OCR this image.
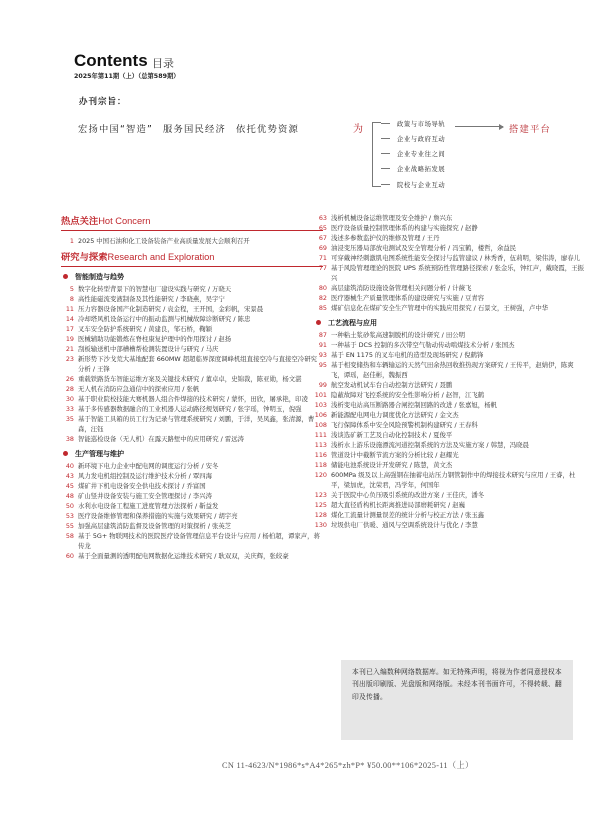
Contents 目录
2025年第11期（上）（总第589期）
办刊宗旨：
宏扬中国“智造” 服务国民经济 依托优势资源	为	搭建平台
政策与市场导轨
企业与政府互动
企业专业往之间
企业战略拓发展
院校与企业互动
热点关注Hot Concern
1 2025 中国石油和化工设备装备产业高质量发展大会顺利召开
研究与探索Research and Exploration
智能制造与趋势
5 数字化转型背景下的智慧电厂建设实践与研究 / 万晓天
8 高性能磁流变液制备及其性能研究 / 李晓燕，吴宇宁
11 压力容器设备国产化制造研究 / 袁金程，王开国，金彩帆，宋景晨
14 冷却塔风机设备运行中的振动监测与机械故障诊断研究 / 陈忠
17 叉车安全防护系统研究 / 黄建良，邹石桥，鞠颖
19 医械辅助功能锻炼在脊柱康复护理中的作用探讨 / 赵扬
21 刮板输送机中部槽槽帮检测装置设计与研究 / 马庆
23 新形势下沙戈荒大基地配套 660MW 超超临界深度调峰机组直接空冷与直接空冷研究分析 / 王锋
26 重载铁路货车智能运维方案及关键技术研究 / 董卓卓，史锦裁，陈亚勋，杨文湛
28 无人机在消防应急通信中的探索应用 / 张帆
30 基于职业院校技能大赛机器人组合件焊接的技术研究 / 蒙怀，田欣，屠承艳，印凌
33 基于多传感器数据融合的工业机器人运动路径规划研究 / 张宇瑶，钟明玉，倪强
35 基于智能工具箱的员工行为记录与管理系统研究 / 刘鹏，于洋，吴凤鑫，张清源，曹森，汪钰
38 智能巡检设备（无人机）在露天路堑中的应用研究 / 雷远涛
生产管理与维护
40 新环境下电力企业中配电网的调度运行分析 / 安冬
43 风力发电机组控制及运行维护技术分析 / 覃四海
45 煤矿井下机电设备安全供电技术探讨 / 乔富国
48 矿山竖井设备安装与施工安全管理探讨 / 李兴涛
50 水利水电设备工程施工进度管理方法探析 / 靳益发
53 医疗设备维修管理和保养措施的实施与效果研究 / 胡宇亮
55 加强高层建筑消防监督及设备管理的对策探析 / 张英芝
58 基于 5G+ 物联网技术的医院医疗设备管理信息平台设计与应用 / 杨柏超，谭家声，蒋传龙
60 基于全面量测的透明配电网数据化运维技术研究 / 耿双双，关庆辉，张皎豪
63 浅析机械设备运维管理及安全维护 / 詹兴东
65 医疗设备质量控制管理体系的构建与实施探究 / 赵静
67 浅述多参数监护仪的维修及管理 / 王丹
69 油浸变压器局部放电测试及安全管理分析 / 冯宝鹤，楼哲，余益民
71 可穿戴神经刺激肌电图系统性能安全探讨与监管建议 / 林秀香，伍莉明，梁伟涛，廖春儿
77 基于风险管理理论的医院 UPS 系统预防性管理路径探索 / 张金乐，钟红声，戴晓霞，王振兴
80 高层建筑消防设施设备管理相关问题分析 / 计薇飞
82 医疗器械生产质量管理体系的建设研究与实施 / 豆青容
85 煤矿信息化在煤矿安全生产管理中的实践应用探究 / 石景文，王树强，卢中华
工艺流程与应用
87 一种粘土浆砂浆高速制脱机的设计研究 / 田公明
91 一种基于 DCS 控制的多次带空气勒动传动啮煤技术分析 / 张国杰
93 基于 EN 1175 的叉车电机的造型及现场研究 / 倪鹤锋
95 基于相变储热和车辆输运的天然气田余热回收推热现方案研究 / 王传平，赵婧伊，陈爽飞，谭瑶，赵佳彬，魏振西
99 航空发动机试车台自动控制方法研究 / 聂鹏
101 隐蔽故障对飞控系统的安全性影响分析 / 赵智，江飞鹤
103 浅析变电站高压断路器合闸控制回路的改进 / 张嘉旭，杨帆
106 新能源配电网电力调度优化方法研究 / 金文杰
108 飞行保障体系中安全风险预警机制构建研究 / 王春科
111 浅谈选矿新工艺及自动化控制技术 / 夏俊平
113 浅析水上游乐设施漂流河道控制系统的方法及实施方案 / 韩慧，冯晓晨
116 管道设计中截断节流方案的分析比较 / 赵耀光
118 储能电池系统设计开发研究 / 陈慧，黄文杰
120 600MPa 级及以上高强钢在抽蓄电站压力钢管制作中的焊接技术研究与应用 / 王睿，杜平，梁加虎，沈荣君，冯学年，何国年
123 关于医院中心负压吸引系统的改进方案 / 王佳庆，潘冬
125 超大直径盾构机长距离推进局部磨耗研究 / 赵巍
128 煤化工流量计测量误差的统计分析与校正方法 / 张玉鑫
130 垃圾供电厂供暖、通风与空调系统设计与优化 / 李慧
本刊已入编数种网络数据库。如无特殊声明，将视为作者同意授权本刊出版印刷版、光盘版和网络版。未经本刊书面许可，不得转载、翻印及传播。
CN 11-4623/N*1986*s*A4*265*zh*P* ¥50.00**106*2025-11（上）
